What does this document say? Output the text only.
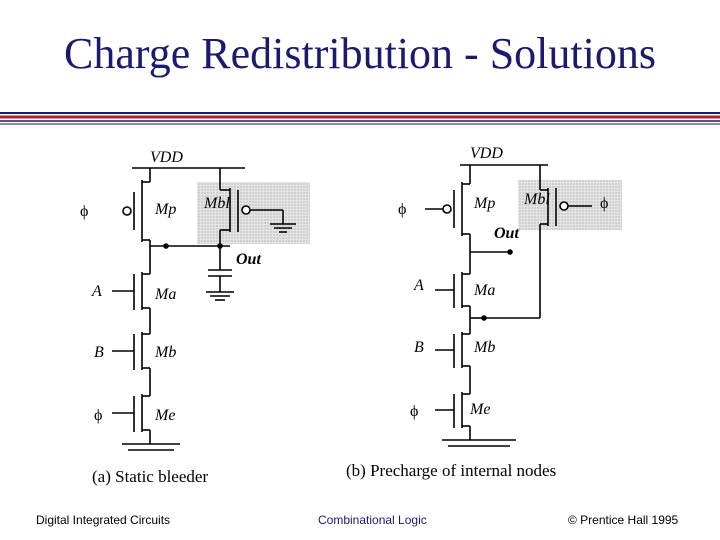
Charge Redistribution - Solutions
VDD
ϕ	Mp Mbl
Out
A	Ma
B	Mb
ϕ	Me
(a) Static bleeder
VDD
ϕ	Mp Mbl	ϕ
Out
A	Ma
B	Mb
ϕ	Me
(b) Precharge of internal nodes
Digital Integrated Circuits	Combinational Logic	© Prentice Hall 1995
